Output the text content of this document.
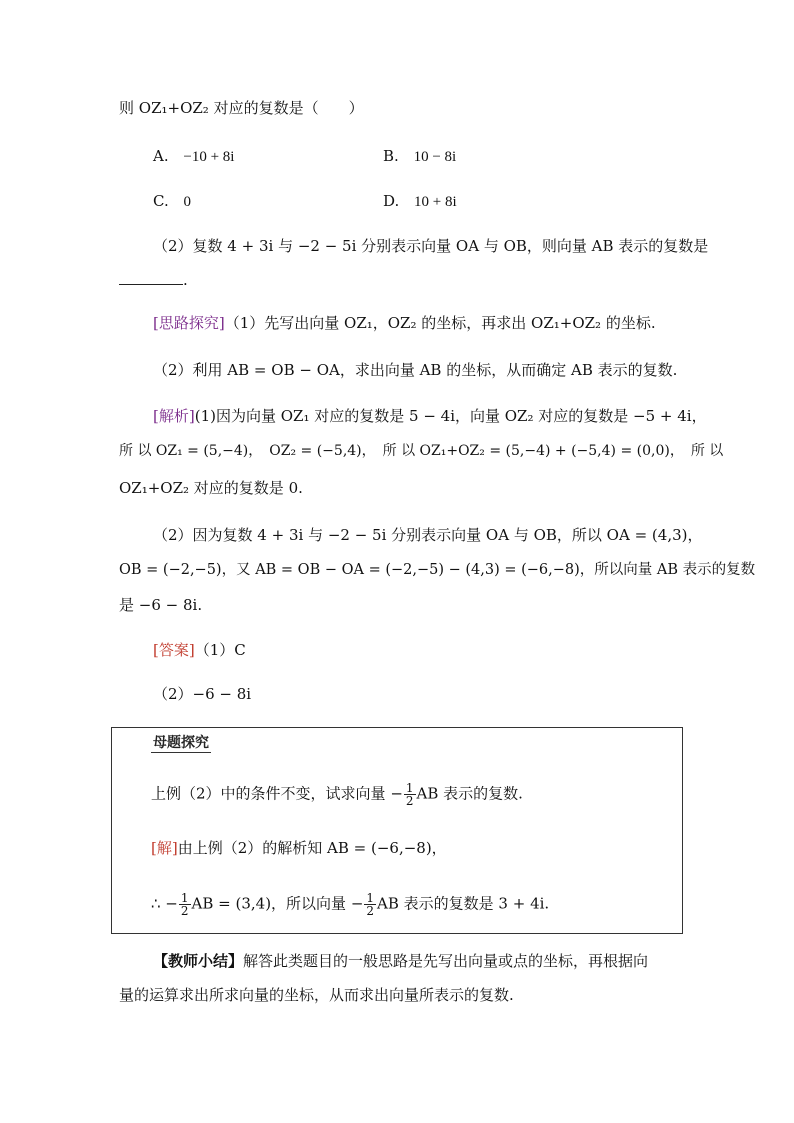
则 OZ₁+OZ₂ 对应的复数是（　　）
A. −10 + 8i	B. 10 − 8i
C. 0	D. 10 + 8i
（2）复数 4 + 3i 与 −2 − 5i 分别表示向量 OA 与 OB，则向量 AB 表示的复数是
.
[思路探究]（1）先写出向量 OZ₁，OZ₂ 的坐标，再求出 OZ₁+OZ₂ 的坐标.
（2）利用 AB = OB − OA，求出向量 AB 的坐标，从而确定 AB 表示的复数.
[解析](1)因为向量 OZ₁ 对应的复数是 5 − 4i，向量 OZ₂ 对应的复数是 −5 + 4i，
所 以 OZ₁ = (5,−4)，　OZ₂ = (−5,4)，　所 以 OZ₁+OZ₂ = (5,−4) + (−5,4) = (0,0)，　所 以
OZ₁+OZ₂ 对应的复数是 0.
（2）因为复数 4 + 3i 与 −2 − 5i 分别表示向量 OA 与 OB，所以 OA = (4,3)，
OB = (−2,−5)，又 AB = OB − OA = (−2,−5) − (4,3) = (−6,−8)，所以向量 AB 表示的复数
是 −6 − 8i.
[答案]（1）C
（2）−6 − 8i
母题探究
上例（2）中的条件不变，试求向量 − $\frac{1}{2}$ AB 表示的复数.
[解]由上例（2）的解析知 AB = (−6,−8)，
∴ − $\frac{1}{2}$ AB = (3,4)，所以向量 − $\frac{1}{2}$ AB 表示的复数是 3 + 4i.
【教师小结】解答此类题目的一般思路是先写出向量或点的坐标，再根据向
量的运算求出所求向量的坐标，从而求出向量所表示的复数.
